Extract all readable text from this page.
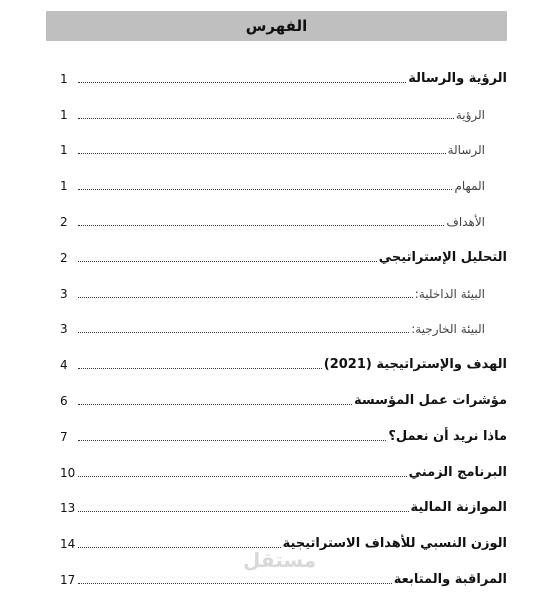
الفهرس
الرؤية والرسالة
1
الرؤية
1
الرسالة
1
المهام
1
الأهداف
2
التحليل الإستراتيجي
2
البيئة الداخلية:
3
البيئة الخارجية:
3
الهدف والإستراتيجية (2021)
4
مؤشرات عمل المؤسسة
6
ماذا نريد أن نعمل؟
7
البرنامج الزمني
10
الموازنة المالية
13
الوزن النسبي للأهداف الاستراتيجية
14
المراقبة والمتابعة
17
مستقل
